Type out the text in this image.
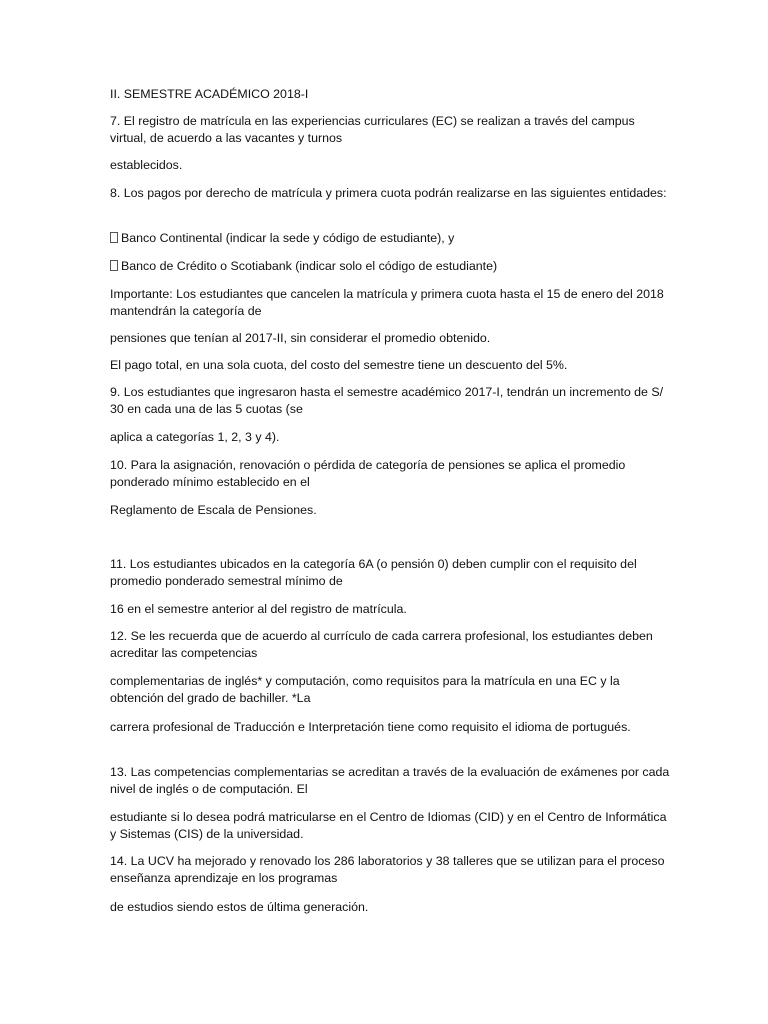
II. SEMESTRE ACADÉMICO 2018-I
7. El registro de matrícula en las experiencias curriculares (EC) se realizan a través del campus virtual, de acuerdo a las vacantes y turnos
establecidos.
8. Los pagos por derecho de matrícula y primera cuota podrán realizarse en las siguientes entidades:
Banco Continental (indicar la sede y código de estudiante), y
Banco de Crédito o Scotiabank (indicar solo el código de estudiante)
Importante: Los estudiantes que cancelen la matrícula y primera cuota hasta el 15 de enero del 2018 mantendrán la categoría de
pensiones que tenían al 2017-II, sin considerar el promedio obtenido.
El pago total, en una sola cuota, del costo del semestre tiene un descuento del 5%.
9. Los estudiantes que ingresaron hasta el semestre académico 2017-I, tendrán un incremento de S/ 30 en cada una de las 5 cuotas (se
aplica a categorías 1, 2, 3 y 4).
10. Para la asignación, renovación o pérdida de categoría de pensiones se aplica el promedio ponderado mínimo establecido en el
Reglamento de Escala de Pensiones.
11. Los estudiantes ubicados en la categoría 6A (o pensión 0) deben cumplir con el requisito del promedio ponderado semestral mínimo de
16 en el semestre anterior al del registro de matrícula.
12. Se les recuerda que de acuerdo al currículo de cada carrera profesional, los estudiantes deben acreditar las competencias
complementarias de inglés* y computación, como requisitos para la matrícula en una EC y la obtención del grado de bachiller. *La
carrera profesional de Traducción e Interpretación tiene como requisito el idioma de portugués.
13. Las competencias complementarias se acreditan a través de la evaluación de exámenes por cada nivel de inglés o de computación. El
estudiante si lo desea podrá matricularse en el Centro de Idiomas (CID) y en el Centro de Informática y Sistemas (CIS) de la universidad.
14. La UCV ha mejorado y renovado los 286 laboratorios y 38 talleres que se utilizan para el proceso enseñanza aprendizaje en los programas
de estudios siendo estos de última generación.
